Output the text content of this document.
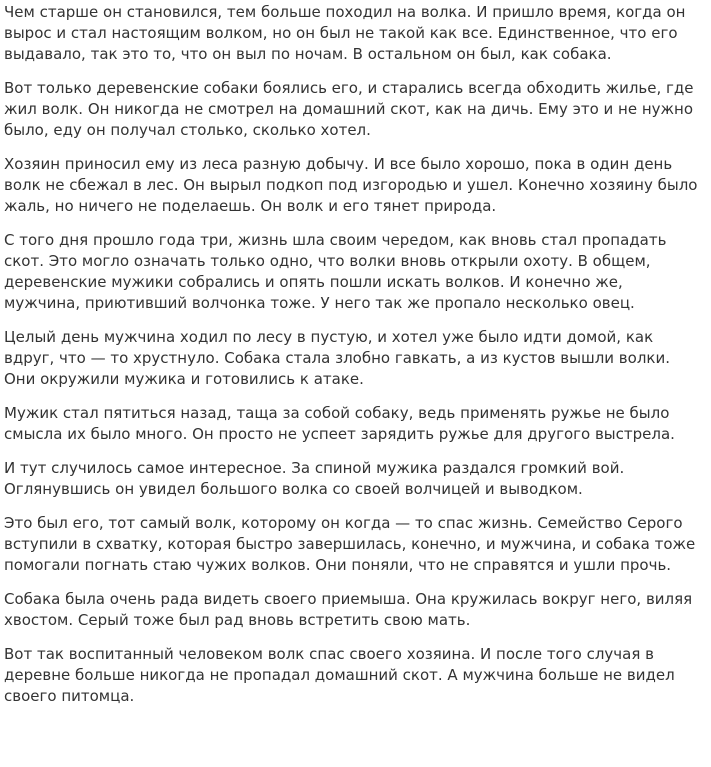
Чем старше он становился, тем больше походил на волка. И пришло время, когда он вырос и стал настоящим волком, но он был не такой как все. Единственное, что его выдавало, так это то, что он выл по ночам. В остальном он был, как собака.

Вот только деревенские собаки боялись его, и старались всегда обходить жилье, где жил волк. Он никогда не смотрел на домашний скот, как на дичь. Ему это и не нужно было, еду он получал столько, сколько хотел.

Хозяин приносил ему из леса разную добычу. И все было хорошо, пока в один день волк не сбежал в лес. Он вырыл подкоп под изгородью и ушел. Конечно хозяину было жаль, но ничего не поделаешь. Он волк и его тянет природа.

С того дня прошло года три, жизнь шла своим чередом, как вновь стал пропадать скот. Это могло означать только одно, что волки вновь открыли охоту. В общем, деревенские мужики собрались и опять пошли искать волков. И конечно же, мужчина, приютивший волчонка тоже. У него так же пропало несколько овец.

Целый день мужчина ходил по лесу в пустую, и хотел уже было идти домой, как вдруг, что — то хрустнуло. Собака стала злобно гавкать, а из кустов вышли волки. Они окружили мужика и готовились к атаке.

Мужик стал пятиться назад, таща за собой собаку, ведь применять ружье не было смысла их было много. Он просто не успеет зарядить ружье для другого выстрела.

И тут случилось самое интересное. За спиной мужика раздался громкий вой. Оглянувшись он увидел большого волка со своей волчицей и выводком.

Это был его, тот самый волк, которому он когда — то спас жизнь. Семейство Серого вступили в схватку, которая быстро завершилась, конечно, и мужчина, и собака тоже помогали погнать стаю чужих волков. Они поняли, что не справятся и ушли прочь.

Собака была очень рада видеть своего приемыша. Она кружилась вокруг него, виляя хвостом. Серый тоже был рад вновь встретить свою мать.

Вот так воспитанный человеком волк спас своего хозяина. И после того случая в деревне больше никогда не пропадал домашний скот. А мужчина больше не видел своего питомца.
